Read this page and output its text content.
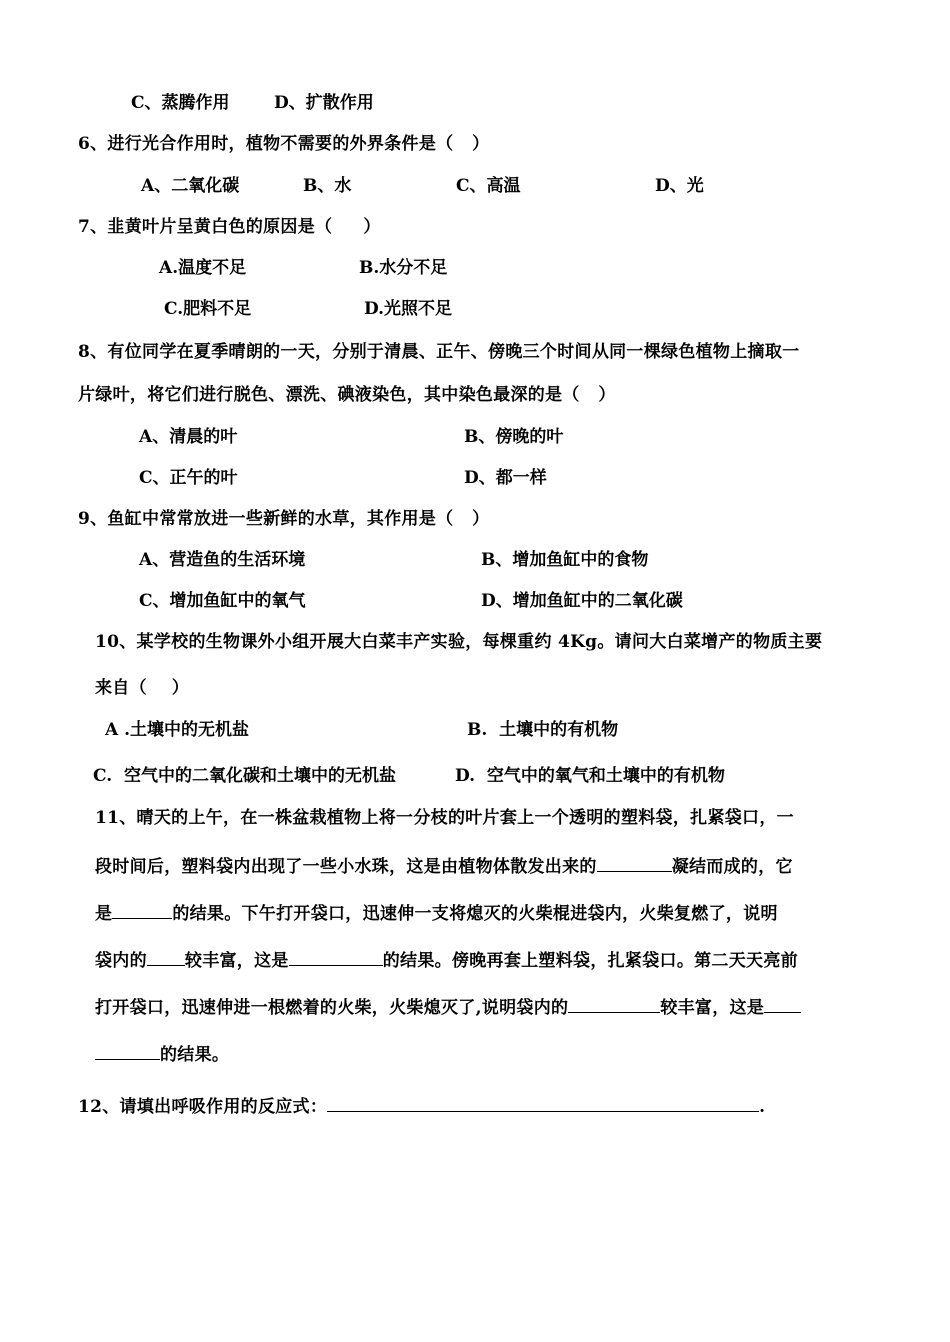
C、蒸腾作用	D、扩散作用
6、进行光合作用时，植物不需要的外界条件是（   ）
A、二氧化碳	B、水	C、高温	D、光
7、韭黄叶片呈黄白色的原因是（     ）
A.温度不足	B.水分不足
C.肥料不足	D.光照不足
8、有位同学在夏季晴朗的一天，分别于清晨、正午、傍晚三个时间从同一棵绿色植物上摘取一
片绿叶，将它们进行脱色、漂洗、碘液染色，其中染色最深的是（   ）
A、清晨的叶	B、傍晚的叶
C、正午的叶	D、都一样
9、鱼缸中常常放进一些新鲜的水草，其作用是（   ）
A、营造鱼的生活环境	B、增加鱼缸中的食物
C、增加鱼缸中的氧气	D、增加鱼缸中的二氧化碳
10、某学校的生物课外小组开展大白菜丰产实验，每棵重约 4Kg。请问大白菜增产的物质主要
来自（    ）
A .土壤中的无机盐	B.  土壤中的有机物
C.  空气中的二氧化碳和土壤中的无机盐	D.  空气中的氧气和土壤中的有机物
11、晴天的上午，在一株盆栽植物上将一分枝的叶片套上一个透明的塑料袋，扎紧袋口，一
段时间后，塑料袋内出现了一些小水珠，这是由植物体散发出来的	凝结而成的，它
是	的结果。下午打开袋口，迅速伸一支将熄灭的火柴棍进袋内，火柴复燃了，说明
袋内的 较丰富，这是	的结果。傍晚再套上塑料袋，扎紧袋口。第二天天亮前
打开袋口，迅速伸进一根燃着的火柴，火柴熄灭了,说明袋内的	较丰富，这是
的结果。
12、请填出呼吸作用的反应式：	.
